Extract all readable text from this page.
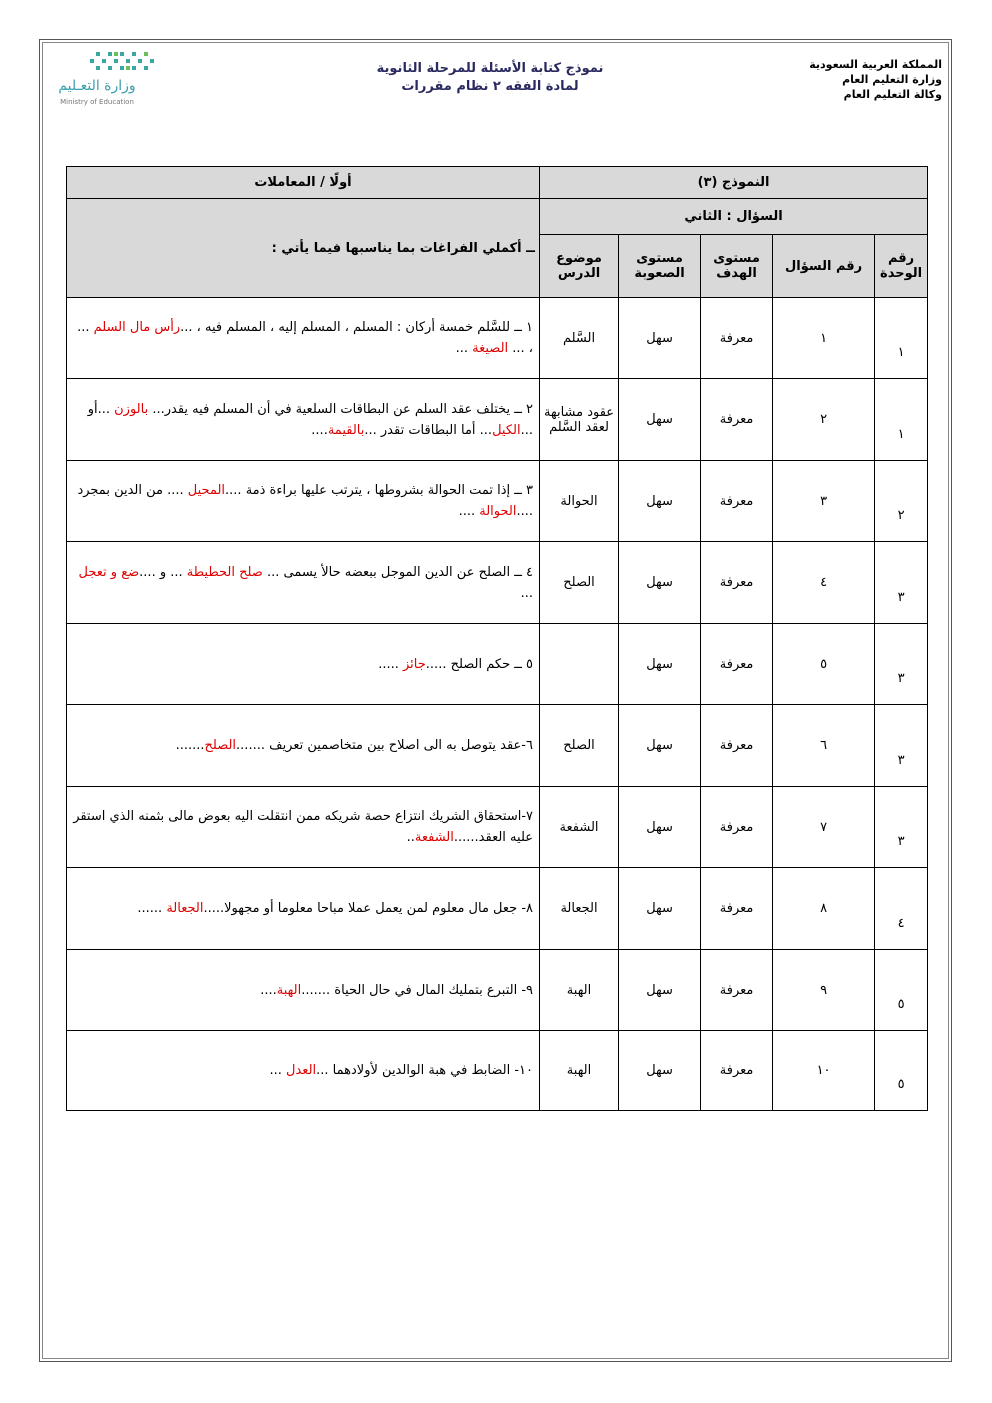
المملكة العربية السعودية
وزارة التعليم العام
وكالة التعليم العام
نموذج كتابة الأسئلة للمرحلة الثانوية
لمادة الفقه ٢ نظام مقررات
وزارة التعـليم
Ministry of Education
النموذج (٣)					أولًا / المعاملات
السؤال : الثاني					ــ أكملي الفراغات بما يناسبها فيما يأتي :
رقم الوحدة	رقم السؤال	مستوى الهدف	مستوى الصعوبة	موضوع الدرس	
١	١	معرفة	سهل	السَّلم	١ ــ للسَّلم خمسة أركان : المسلم ، المسلم إليه ، المسلم فيه ، ...رأس مال السلم ... ، ... الصيغة ...
١	٢	معرفة	سهل	عقود مشابهة لعقد السَّلم	٢ ــ يختلف عقد السلم عن البطاقات السلعية في أن المسلم فيه يقدر... بالوزن ...أو ...الكيل... أما البطاقات تقدر ...بالقيمة....
٢	٣	معرفة	سهل	الحوالة	٣ ــ إذا تمت الحوالة بشروطها ، يترتب عليها براءة ذمة ....المحيل .... من الدين بمجرد ....الحوالة ....
٣	٤	معرفة	سهل	الصلح	٤ ــ الصلح عن الدين الموجل ببعضه حالأ يسمى ... صلح الحطيطة ... و ....ضع و تعجل ...
٣	٥	معرفة	سهل		٥ ــ حكم الصلح .....جائز .....
٣	٦	معرفة	سهل	الصلح	٦-عقد يتوصل به الى اصلاح بين متخاصمين تعريف .......الصلح.......
٣	٧	معرفة	سهل	الشفعة	٧-استحقاق الشريك انتزاع حصة شريكه ممن انتقلت اليه بعوض مالى بثمنه الذي استقر عليه العقد......الشفعة..
٤	٨	معرفة	سهل	الجعالة	٨- جعل مال معلوم لمن يعمل عملا مباحا معلوما أو مجهولا.....الجعالة ......
٥	٩	معرفة	سهل	الهبة	٩- التبرع بتمليك المال في حال الحياة .......الهبة....
٥	١٠	معرفة	سهل	الهبة	١٠- الضابط في هبة الوالدين لأولادهما ...العدل ...
